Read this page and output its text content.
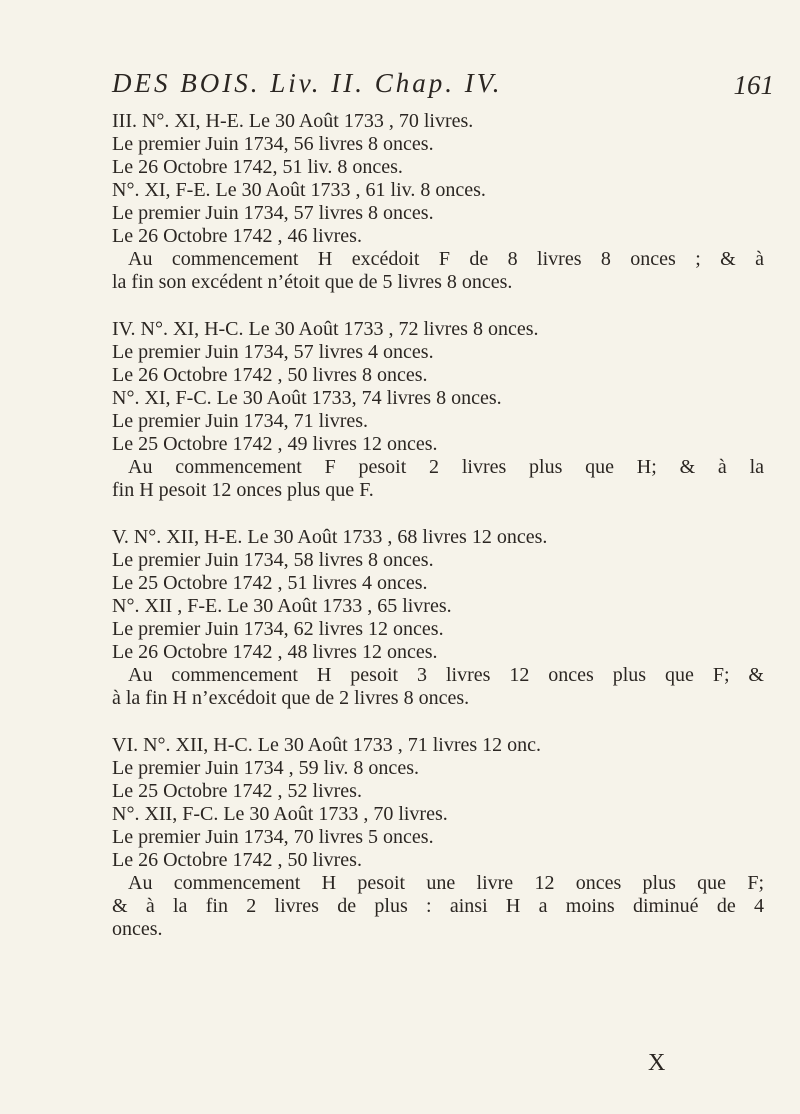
DES BOIS. Liv. II. Chap. IV.	161
III. N°. XI, H-E. Le 30 Août 1733 , 70 livres.
Le premier Juin 1734, 56 livres 8 onces.
Le 26 Octobre 1742, 51 liv. 8 onces.
N°. XI, F-E. Le 30 Août 1733 , 61 liv. 8 onces.
Le premier Juin 1734, 57 livres 8 onces.
Le 26 Octobre 1742 , 46 livres.
Au commencement H excédoit F de 8 livres 8 onces ; & à
la fin son excédent n’étoit que de 5 livres 8 onces.
IV. N°. XI, H-C. Le 30 Août 1733 , 72 livres 8 onces.
Le premier Juin 1734, 57 livres 4 onces.
Le 26 Octobre 1742 , 50 livres 8 onces.
N°. XI, F-C. Le 30 Août 1733, 74 livres 8 onces.
Le premier Juin 1734, 71 livres.
Le 25 Octobre 1742 , 49 livres 12 onces.
Au commencement F pesoit 2 livres plus que H; & à la
fin H pesoit 12 onces plus que F.
V. N°. XII, H-E. Le 30 Août 1733 , 68 livres 12 onces.
Le premier Juin 1734, 58 livres 8 onces.
Le 25 Octobre 1742 , 51 livres 4 onces.
N°. XII , F-E. Le 30 Août 1733 , 65 livres.
Le premier Juin 1734, 62 livres 12 onces.
Le 26 Octobre 1742 , 48 livres 12 onces.
Au commencement H pesoit 3 livres 12 onces plus que F; &
à la fin H n’excédoit que de 2 livres 8 onces.
VI. N°. XII, H-C. Le 30 Août 1733 , 71 livres 12 onc.
Le premier Juin 1734 , 59 liv. 8 onces.
Le 25 Octobre 1742 , 52 livres.
N°. XII, F-C. Le 30 Août 1733 , 70 livres.
Le premier Juin 1734, 70 livres 5 onces.
Le 26 Octobre 1742 , 50 livres.
Au commencement H pesoit une livre 12 onces plus que F;
& à la fin 2 livres de plus : ainsi H a moins diminué de 4
onces.
X
